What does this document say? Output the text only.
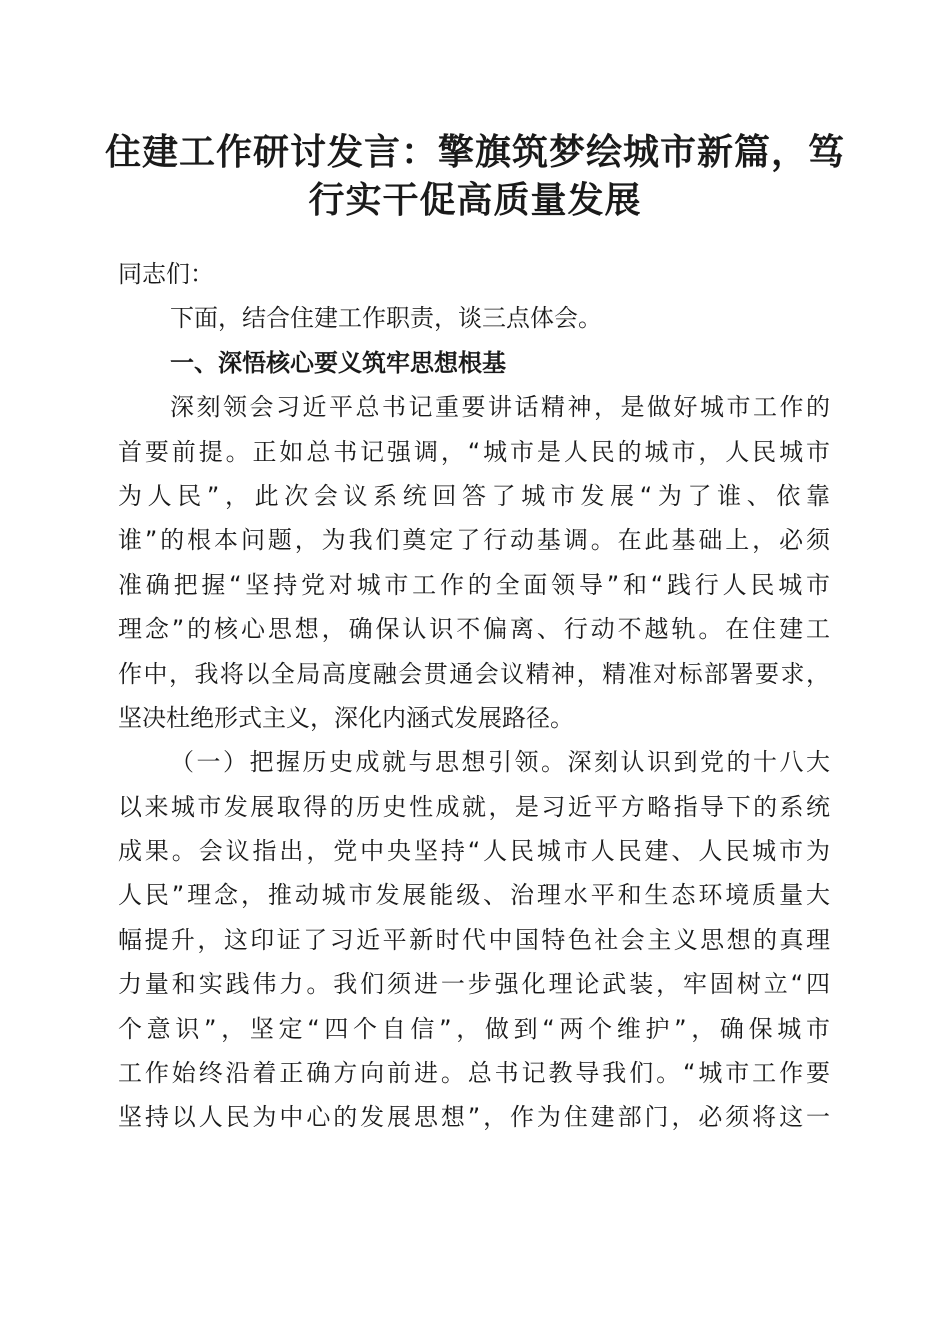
住建工作研讨发言：擎旗筑梦绘城市新篇，笃
行实干促高质量发展
同志们：
下面，结合住建工作职责，谈三点体会。
一、深悟核心要义筑牢思想根基
深刻领会习近平总书记重要讲话精神，是做好城市工作的
首要前提。正如总书记强调，“城市是人民的城市，人民城市
为人民”，此次会议系统回答了城市发展“为了谁、依靠
谁”的根本问题，为我们奠定了行动基调。在此基础上，必须
准确把握“坚持党对城市工作的全面领导”和“践行人民城市
理念”的核心思想，确保认识不偏离、行动不越轨。在住建工
作中，我将以全局高度融会贯通会议精神，精准对标部署要求，
坚决杜绝形式主义，深化内涵式发展路径。
（一）把握历史成就与思想引领。深刻认识到党的十八大
以来城市发展取得的历史性成就，是习近平方略指导下的系统
成果。会议指出，党中央坚持“人民城市人民建、人民城市为
人民”理念，推动城市发展能级、治理水平和生态环境质量大
幅提升，这印证了习近平新时代中国特色社会主义思想的真理
力量和实践伟力。我们须进一步强化理论武装，牢固树立“四
个意识”，坚定“四个自信”，做到“两个维护”，确保城市
工作始终沿着正确方向前进。总书记教导我们。“城市工作要
坚持以人民为中心的发展思想”，作为住建部门，必须将这一
